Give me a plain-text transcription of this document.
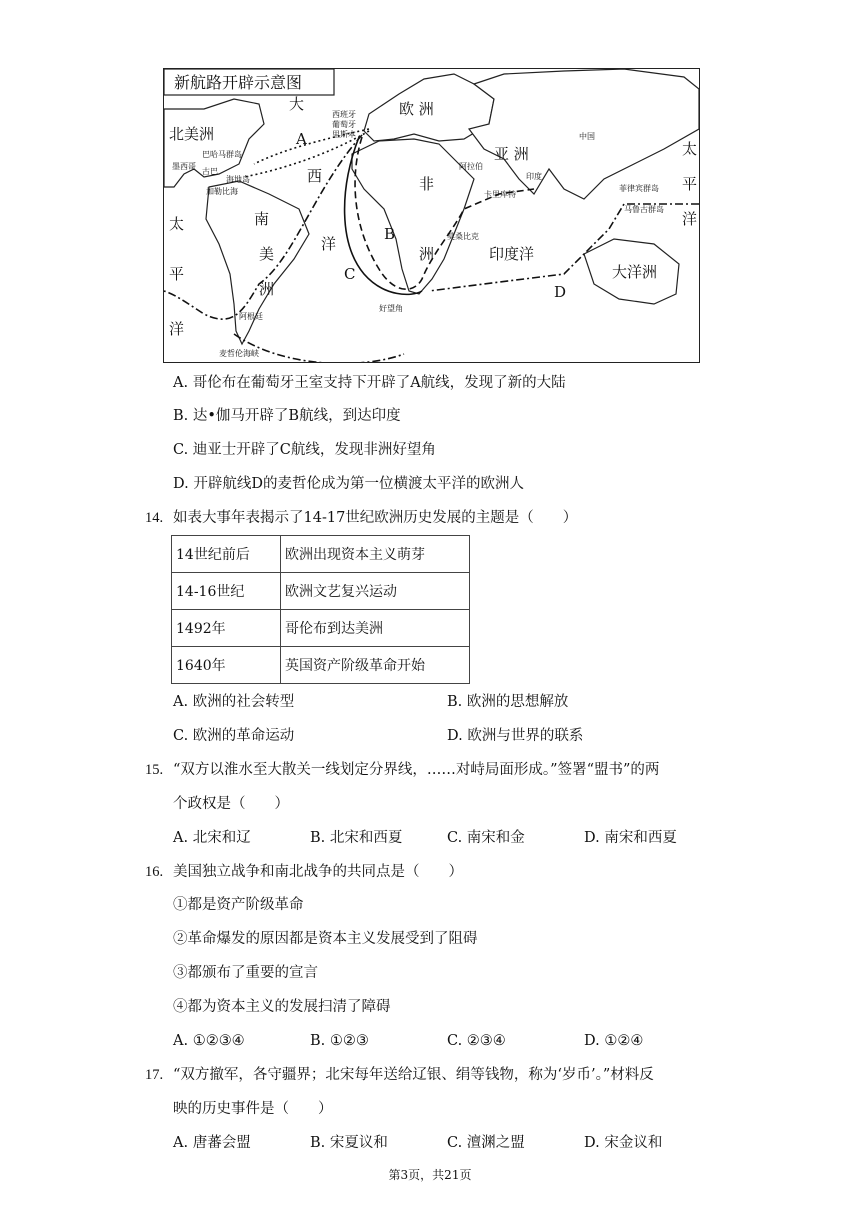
新航路开辟示意图
大
A
西
洋
欧 洲
亚 洲
非
洲
北美洲
南
美
洲
太
平
洋
太
平
洋
印度洋
大洋洲
B
C
D
中国
印度
阿拉伯
卡里库特
莫桑比克
好望角
麦哲伦海峡
菲律宾群岛
马鲁古群岛
西班牙
葡萄牙
里斯本
巴哈马群岛
古巴
海地岛
墨西哥
加勒比海
阿根廷
A. 哥伦布在葡萄牙王室支持下开辟了A航线，发现了新的大陆
B. 达•伽马开辟了B航线，到达印度
C. 迪亚士开辟了C航线，发现非洲好望角
D. 开辟航线D的麦哲伦成为第一位横渡太平洋的欧洲人
14. 如表大事年表揭示了14-17世纪欧洲历史发展的主题是（　　）
14世纪前后	欧洲出现资本主义萌芽
14-16世纪	欧洲文艺复兴运动
1492年	哥伦布到达美洲
1640年	英国资产阶级革命开始
A. 欧洲的社会转型	B. 欧洲的思想解放
C. 欧洲的革命运动	D. 欧洲与世界的联系
15. “双方以淮水至大散关一线划定分界线，……对峙局面形成。”签署“盟书”的两
个政权是（　　）
A. 北宋和辽	B. 北宋和西夏	C. 南宋和金	D. 南宋和西夏
16. 美国独立战争和南北战争的共同点是（　　）
①都是资产阶级革命
②革命爆发的原因都是资本主义发展受到了阻碍
③都颁布了重要的宣言
④都为资本主义的发展扫清了障碍
A. ①②③④	B. ①②③	C. ②③④	D. ①②④
17. “双方撤军，各守疆界；北宋每年送给辽银、绢等钱物，称为‘岁币’。”材料反
映的历史事件是（　　）
A. 唐蕃会盟	B. 宋夏议和	C. 澶渊之盟	D. 宋金议和
第3页，共21页
